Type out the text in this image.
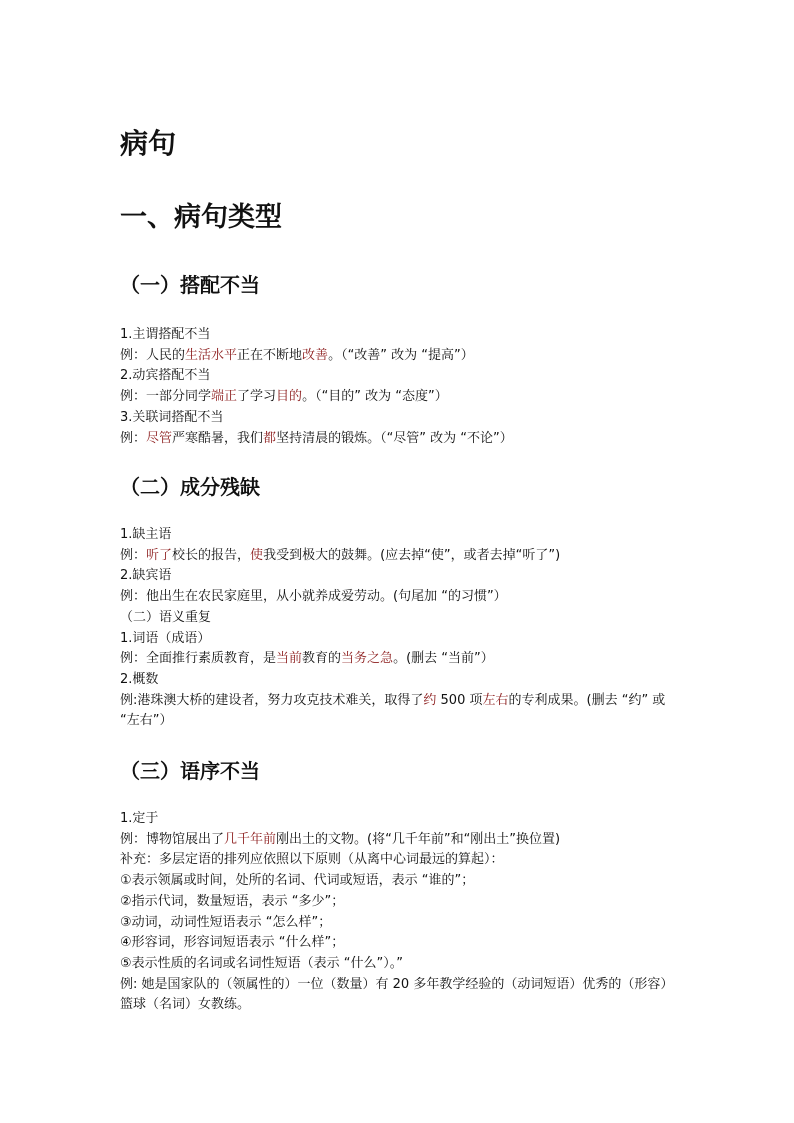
病句
一、病句类型
（一）搭配不当
1.主谓搭配不当
例：人民的生活水平正在不断地改善。（“改善” 改为 “提高”）
2.动宾搭配不当
例：一部分同学端正了学习目的。（“目的” 改为 “态度”）
3.关联词搭配不当
例：尽管严寒酷暑，我们都坚持清晨的锻炼。（“尽管” 改为 “不论”）
（二）成分残缺
1.缺主语
例：听了校长的报告，使我受到极大的鼓舞。(应去掉“使”，或者去掉“听了”)
2.缺宾语
例：他出生在农民家庭里，从小就养成爱劳动。(句尾加 “的习惯”）
（二）语义重复
1.词语（成语）
例：全面推行素质教育，是当前教育的当务之急。(删去 “当前”）
2.概数
例:港珠澳大桥的建设者，努力攻克技术难关，取得了约 500 项左右的专利成果。(删去 “约” 或 “左右”）
（三）语序不当
1.定于
例：博物馆展出了几千年前刚出土的文物。(将“几千年前”和“刚出土”换位置)
补充：多层定语的排列应依照以下原则（从离中心词最远的算起）：
①表示领属或时间，处所的名词、代词或短语，表示 “谁的”；
②指示代词，数量短语，表示 “多少”；
③动词，动词性短语表示 “怎么样”；
④形容词，形容词短语表示 “什么样”；
⑤表示性质的名词或名词性短语（表示 “什么”）。”
例: 她是国家队的（领属性的）一位（数量）有 20 多年教学经验的（动词短语）优秀的（形容）篮球（名词）女教练。
